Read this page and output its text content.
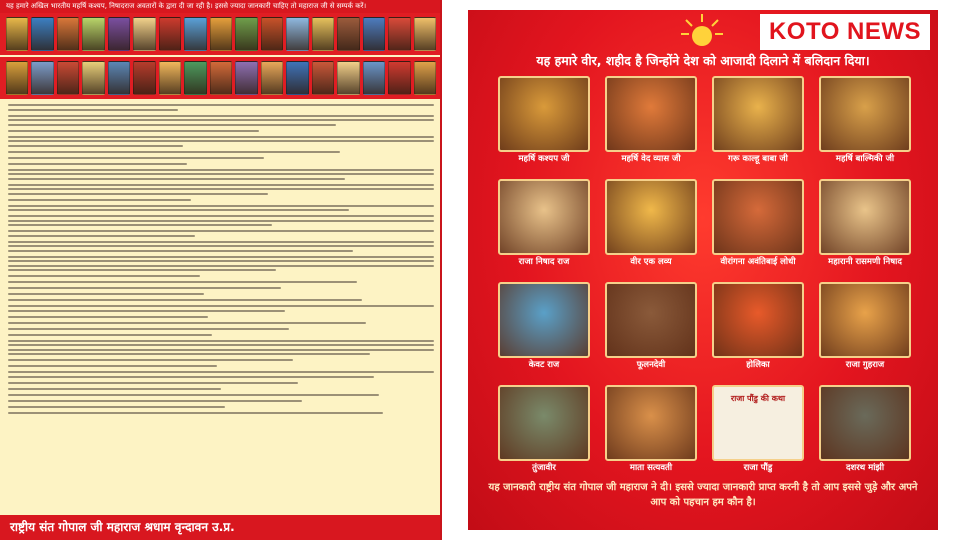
यह हमारे अखिल भारतीय महर्षि कश्यप, निषादराज अवतारों के द्वारा दी जा रही है। इससे ज्यादा जानकारी चाहिए तो महाराज जी से सम्पर्क करें।
राष्ट्रीय संत गोपाल जी महाराज श्रधाम वृन्दावन उ.प्र.
KOTO NEWS
यह हमारे वीर, शहीद है जिन्होंने देश को आजादी दिलाने में बलिदान दिया।
महर्षि कश्यप जी	महर्षि वेद व्यास जी	गरू काल्हू बाबा जी	महर्षि बाल्मिकी जी
राजा निषाद राज	वीर एक लव्य	वीरांगना अवंतिबाई लोधी	महारानी रासमणी निषाद
केवट राज	फूलनदेवी	होलिका	राजा गुहराज
तुंजावीर	माता सत्यवती
राजा पौंडु की कथा
राजा पौंडु	दशरथ मांझी
यह जानकारी राष्ट्रीय संत गोपाल जी महाराज ने दी। इससे ज्यादा जानकारी प्राप्त करनी है तो आप इससे जुड़े और अपने आप को पहचान हम कौन है।
